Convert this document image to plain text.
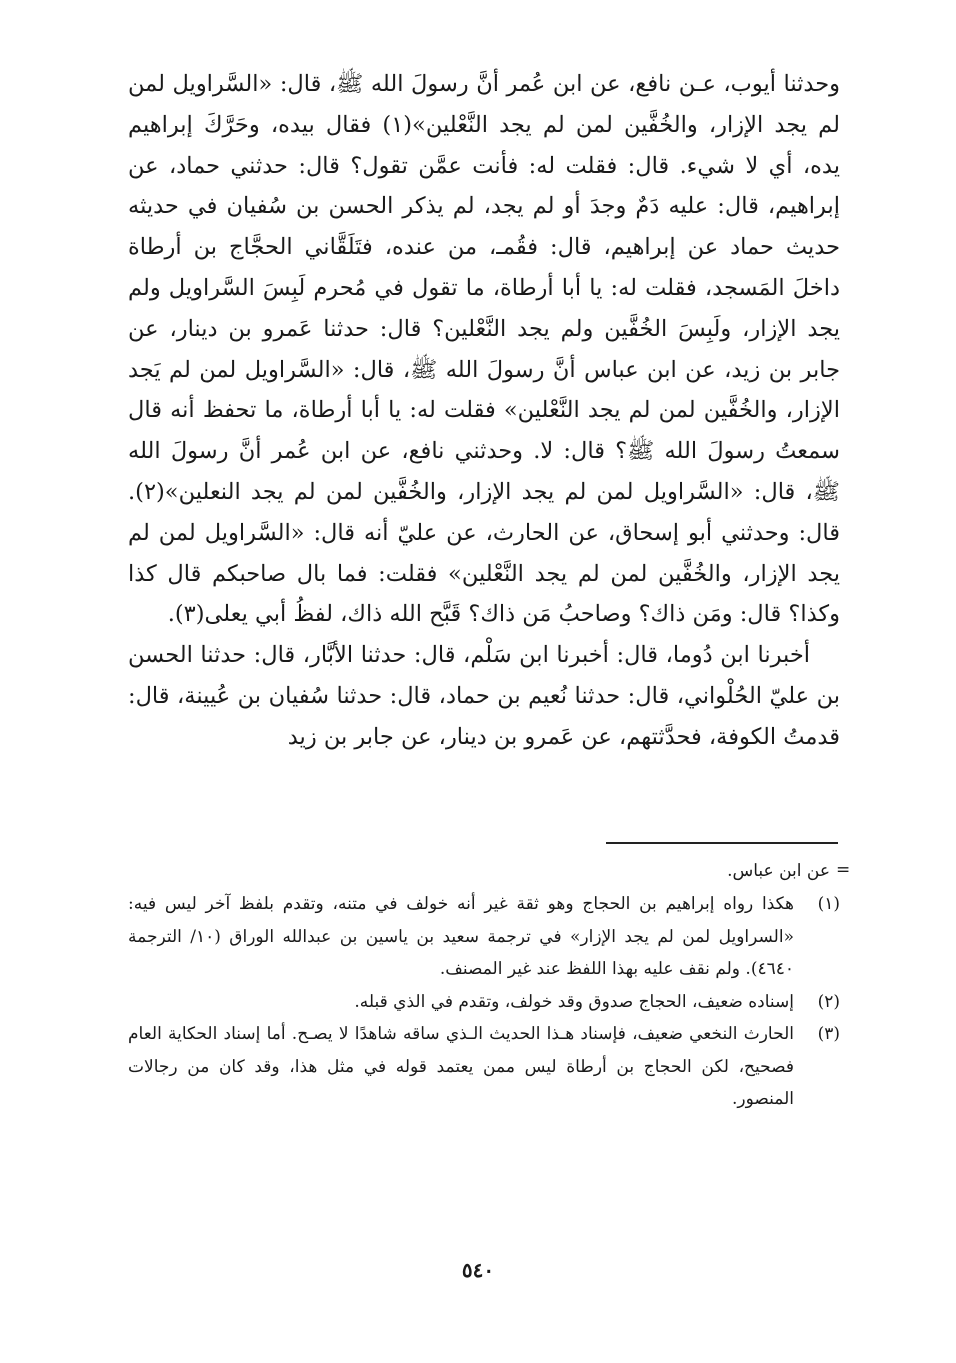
وحدثنا أيوب، عـن نافع، عن ابن عُمر أنَّ رسولَ الله ﷺ، قال: «السَّراويل لمن لم يجد الإزار، والخُفَّين لمن لم يجد النَّعْلين»(١) فقال بيده، وحَرَّكَ إبراهيم يده، أي لا شيء. قال: فقلت له: فأنت عمَّن تقول؟ قال: حدثني حماد، عن إبراهيم، قال: عليه دَمٌ وجدَ أو لم يجد، لم يذكر الحسن بن سُفيان في حديثه حديث حماد عن إبراهيم، قال: فقُمـ، من عنده، فتَلَقَّاني الحجَّاج بن أرطاة داخلَ المَسجد، فقلت له: يا أبا أرطاة، ما تقول في مُحرم لَبِسَ السَّراويل ولم يجد الإزار، ولَبِسَ الخُفَّين ولم يجد النَّعْلين؟ قال: حدثنا عَمرو بن دينار، عن جابر بن زيد، عن ابن عباس أنَّ رسولَ الله ﷺ، قال: «السَّراويل لمن لم يَجد الإزار، والخُفَّين لمن لم يجد النَّعْلين» فقلت له: يا أبا أرطاة، ما تحفظ أنه قال سمعتُ رسولَ الله ﷺ؟ قال: لا. وحدثني نافع، عن ابن عُمر أنَّ رسولَ الله ﷺ، قال: «السَّراويل لمن لم يجد الإزار، والخُفَّين لمن لم يجد النعلين»(٢). قال: وحدثني أبو إسحاق، عن الحارث، عن عليّ أنه قال: «السَّراويل لمن لم يجد الإزار، والخُفَّين لمن لم يجد النَّعْلين» فقلت: فما بال صاحبكم قال كذا وكذا؟ قال: ومَن ذاك؟ وصاحبُ مَن ذاك؟ قَبَّح الله ذاك، لفظُ أبي يعلى(٣).

أخبرنا ابن دُوما، قال: أخبرنا ابن سَلْم، قال: حدثنا الأبَّار، قال: حدثنا الحسن بن عليّ الحُلْواني، قال: حدثنا نُعيم بن حماد، قال: حدثنا سُفيان بن عُيينة، قال: قدمتُ الكوفة، فحدَّثتهم، عن عَمرو بن دينار، عن جابر بن زيد

=
عن ابن عباس.
(١)
هكذا رواه إبراهيم بن الحجاج وهو ثقة غير أنه خولف في متنه، وتقدم بلفظ آخر ليس فيه: «السراويل لمن لم يجد الإزار» في ترجمة سعيد بن ياسين بن عبدالله الوراق (١٠/ الترجمة ٤٦٤٠). ولم نقف عليه بهذا اللفظ عند غير المصنف.
(٢)
إسناده ضعيف، الحجاج صدوق وقد خولف، وتقدم في الذي قبله.
(٣)
الحارث النخعي ضعيف، فإسناد هـذا الحديث الـذي ساقه شاهدًا لا يصـح. أما إسناد الحكاية العام فصحيح، لكن الحجاج بن أرطاة ليس ممن يعتمد قوله في مثل هذا، وقد كان من رجالات المنصور.
٥٤٠
